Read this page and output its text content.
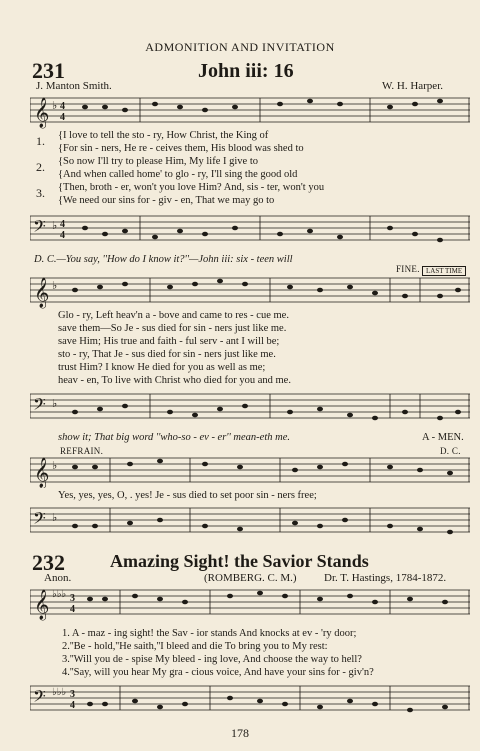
ADMONITION AND INVITATION
231	John iii: 16
J. Manton Smith.	W. H. Harper.
𝄞 ♭ 4
4
1.
2.
3.
{I love to tell the sto - ry, How Christ, the King of
{For sin - ners, He re - ceives them, His blood was shed to
{So now I'll try to please Him, My life I give to
{And when called home' to glo - ry, I'll sing the good old
{Then, broth - er, won't you love Him? And, sis - ter, won't you
{We need our sins for - giv - en, That we may go to
𝄢 ♭ 4
4
D. C.—You say, ''How do I know it?''—John iii: six - teen will
FINE. LAST TIME
𝄞 ♭
Glo - ry, Left heav'n a - bove and came to res - cue me.
save them—So Je - sus died for sin - ners just like me.
save Him; His true and faith - ful serv - ant I will be;
sto - ry, That Je - sus died for sin - ners just like me.
trust Him? I know He died for you as well as me;
heav - en, To live with Christ who died for you and me.
𝄢 ♭
show it; That big word ''who-so - ev - er'' mean-eth me.	A - MEN.
REFRAIN.	D. C.
𝄞 ♭
Yes, yes, yes, O, . yes! Je - sus died to set poor sin - ners free;
𝄢 ♭
232	Amazing Sight! the Savior Stands
Anon.	(ROMBERG. C. M.) Dr. T. Hastings, 1784-1872.
𝄞 ♭♭♭ 3
4
1. A - maz - ing sight! the Sav - ior stands And knocks at ev - 'ry door;
2.''Be - hold,''He saith,''I bleed and die To bring you to My rest:
3.''Will you de - spise My bleed - ing love, And choose the way to hell?
4.''Say, will you hear My gra - cious voice, And have your sins for - giv'n?
𝄢 ♭♭♭ 3
4
178
